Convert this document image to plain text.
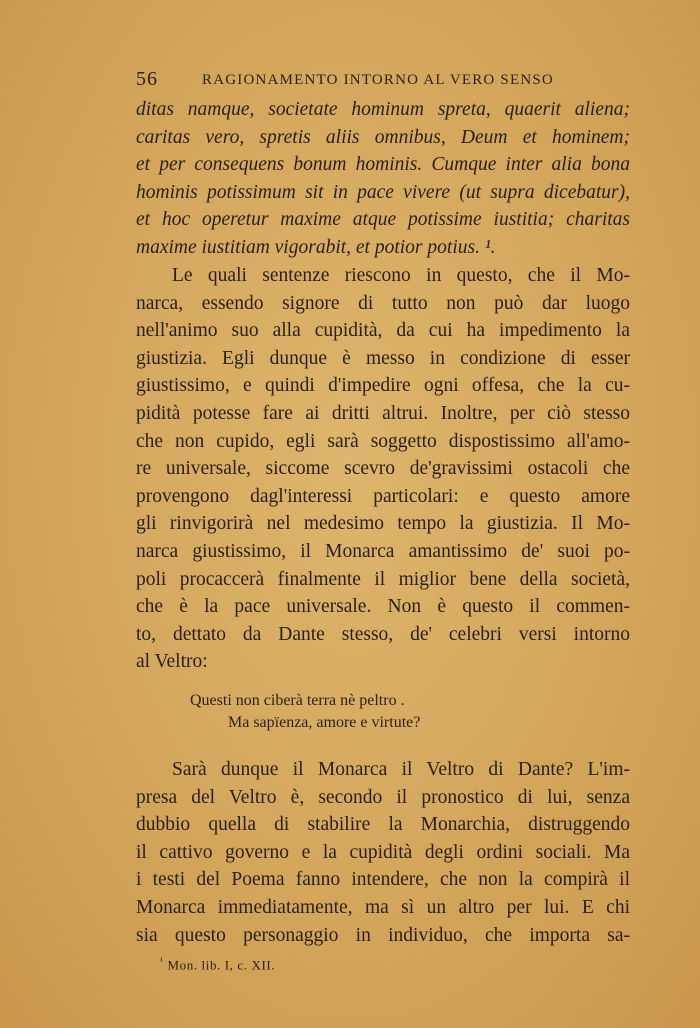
56	RAGIONAMENTO INTORNO AL VERO SENSO
ditas namque, societate hominum spreta, quaerit aliena;
caritas vero, spretis aliis omnibus, Deum et hominem;
et per consequens bonum hominis. Cumque inter alia bona
hominis potissimum sit in pace vivere (ut supra dicebatur),
et hoc operetur maxime atque potissime iustitia; charitas
maxime iustitiam vigorabit, et potior potius. ¹.
Le quali sentenze riescono in questo, che il Mo-
narca, essendo signore di tutto non può dar luogo
nell'animo suo alla cupidità, da cui ha impedimento la
giustizia. Egli dunque è messo in condizione di esser
giustissimo, e quindi d'impedire ogni offesa, che la cu-
pidità potesse fare ai dritti altrui. Inoltre, per ciò stesso
che non cupido, egli sarà soggetto dispostissimo all'amo-
re universale, siccome scevro de'gravissimi ostacoli che
provengono dagl'interessi particolari: e questo amore
gli rinvigorirà nel medesimo tempo la giustizia. Il Mo-
narca giustissimo, il Monarca amantissimo de' suoi po-
poli procaccerà finalmente il miglior bene della società,
che è la pace universale. Non è questo il commen-
to, dettato da Dante stesso, de' celebri versi intorno
al Veltro:
Questi non ciberà terra nè peltro .
Ma sapïenza, amore e virtute?
Sarà dunque il Monarca il Veltro di Dante? L'im-
presa del Veltro è, secondo il pronostico di lui, senza
dubbio quella di stabilire la Monarchia, distruggendo
il cattivo governo e la cupidità degli ordini sociali. Ma
i testi del Poema fanno intendere, che non la compirà il
Monarca immediatamente, ma sì un altro per lui. E chi
sia questo personaggio in individuo, che importa sa-
$^{^1}$ Mon. lib. I, c. XII.
